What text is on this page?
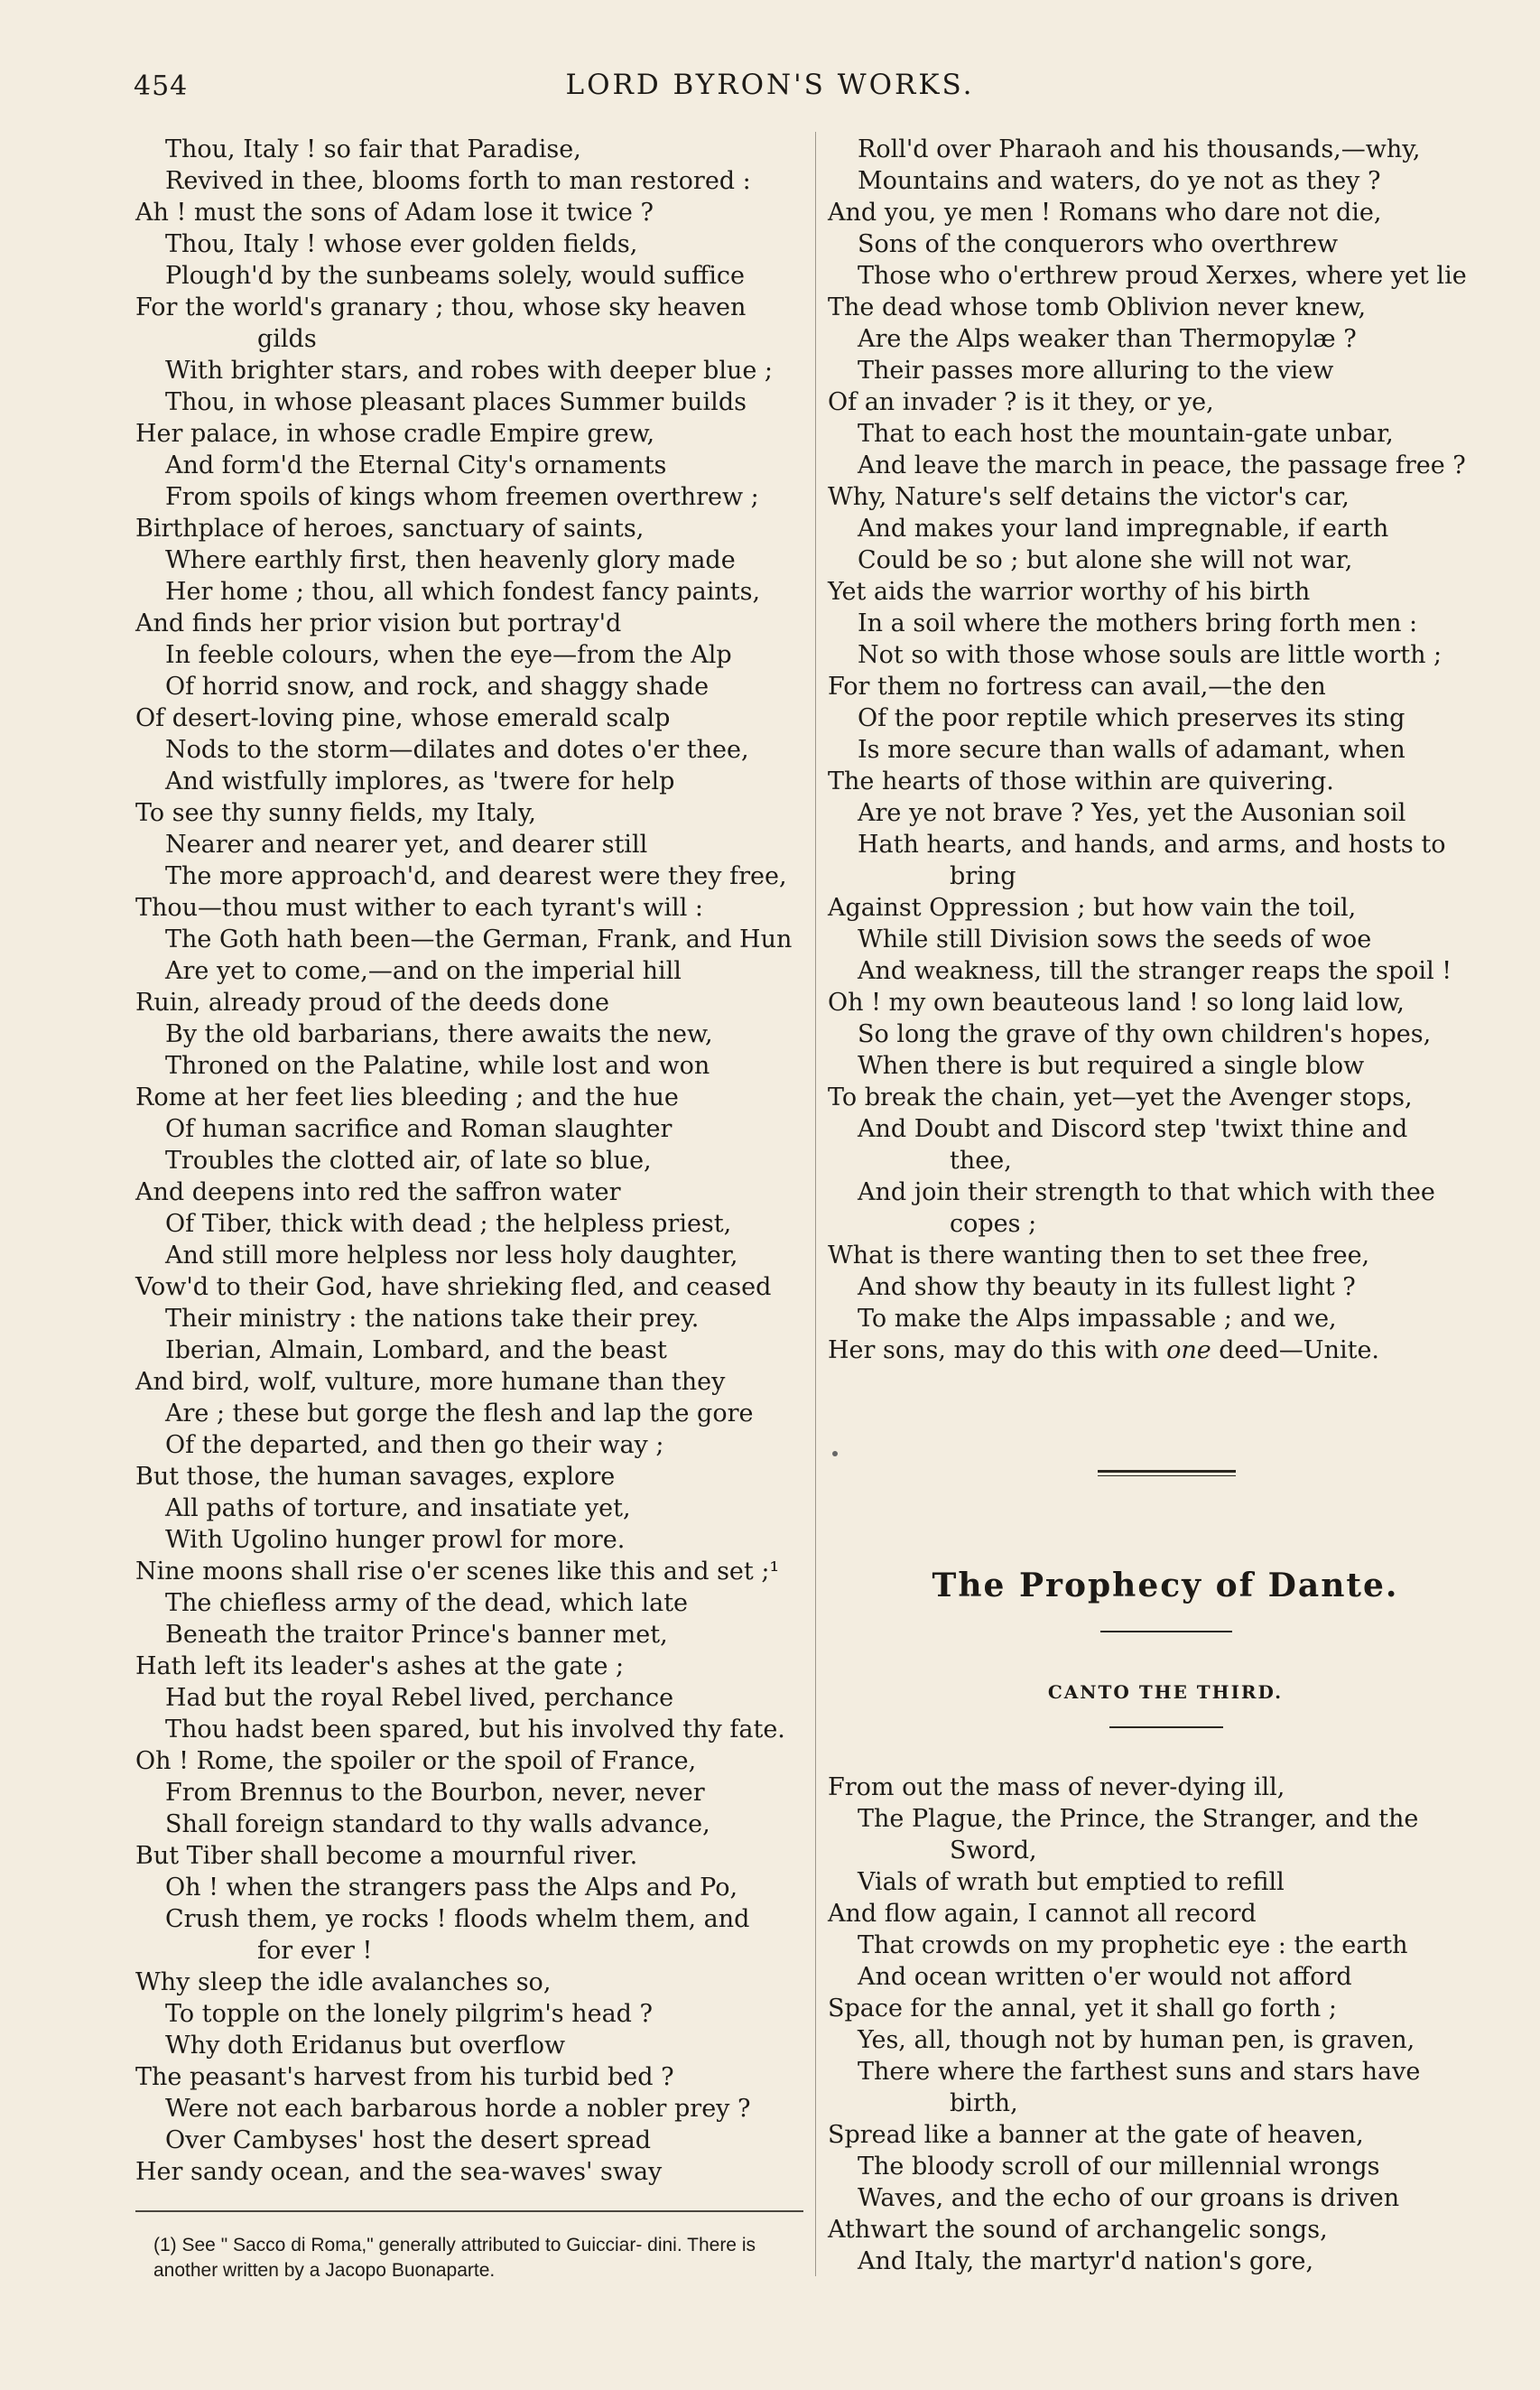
454	LORD BYRON'S WORKS.
Thou, Italy ! so fair that Paradise,
Revived in thee, blooms forth to man restored :
Ah ! must the sons of Adam lose it twice ?
Thou, Italy ! whose ever golden fields,
Plough'd by the sunbeams solely, would suffice
For the world's granary ; thou, whose sky heaven
gilds
With brighter stars, and robes with deeper blue ;
Thou, in whose pleasant places Summer builds
Her palace, in whose cradle Empire grew,
And form'd the Eternal City's ornaments
From spoils of kings whom freemen overthrew ;
Birthplace of heroes, sanctuary of saints,
Where earthly first, then heavenly glory made
Her home ; thou, all which fondest fancy paints,
And finds her prior vision but portray'd
In feeble colours, when the eye—from the Alp
Of horrid snow, and rock, and shaggy shade
Of desert-loving pine, whose emerald scalp
Nods to the storm—dilates and dotes o'er thee,
And wistfully implores, as 'twere for help
To see thy sunny fields, my Italy,
Nearer and nearer yet, and dearer still
The more approach'd, and dearest were they free,
Thou—thou must wither to each tyrant's will :
The Goth hath been—the German, Frank, and Hun
Are yet to come,—and on the imperial hill
Ruin, already proud of the deeds done
By the old barbarians, there awaits the new,
Throned on the Palatine, while lost and won
Rome at her feet lies bleeding ; and the hue
Of human sacrifice and Roman slaughter
Troubles the clotted air, of late so blue,
And deepens into red the saffron water
Of Tiber, thick with dead ; the helpless priest,
And still more helpless nor less holy daughter,
Vow'd to their God, have shrieking fled, and ceased
Their ministry : the nations take their prey.
Iberian, Almain, Lombard, and the beast
And bird, wolf, vulture, more humane than they
Are ; these but gorge the flesh and lap the gore
Of the departed, and then go their way ;
But those, the human savages, explore
All paths of torture, and insatiate yet,
With Ugolino hunger prowl for more.
Nine moons shall rise o'er scenes like this and set ;¹
The chiefless army of the dead, which late
Beneath the traitor Prince's banner met,
Hath left its leader's ashes at the gate ;
Had but the royal Rebel lived, perchance
Thou hadst been spared, but his involved thy fate.
Oh ! Rome, the spoiler or the spoil of France,
From Brennus to the Bourbon, never, never
Shall foreign standard to thy walls advance,
But Tiber shall become a mournful river.
Oh ! when the strangers pass the Alps and Po,
Crush them, ye rocks ! floods whelm them, and
for ever !
Why sleep the idle avalanches so,
To topple on the lonely pilgrim's head ?
Why doth Eridanus but overflow
The peasant's harvest from his turbid bed ?
Were not each barbarous horde a nobler prey ?
Over Cambyses' host the desert spread
Her sandy ocean, and the sea-waves' sway
Roll'd over Pharaoh and his thousands,—why,
Mountains and waters, do ye not as they ?
And you, ye men ! Romans who dare not die,
Sons of the conquerors who overthrew
Those who o'erthrew proud Xerxes, where yet lie
The dead whose tomb Oblivion never knew,
Are the Alps weaker than Thermopylæ ?
Their passes more alluring to the view
Of an invader ? is it they, or ye,
That to each host the mountain-gate unbar,
And leave the march in peace, the passage free ?
Why, Nature's self detains the victor's car,
And makes your land impregnable, if earth
Could be so ; but alone she will not war,
Yet aids the warrior worthy of his birth
In a soil where the mothers bring forth men :
Not so with those whose souls are little worth ;
For them no fortress can avail,—the den
Of the poor reptile which preserves its sting
Is more secure than walls of adamant, when
The hearts of those within are quivering.
Are ye not brave ? Yes, yet the Ausonian soil
Hath hearts, and hands, and arms, and hosts to
bring
Against Oppression ; but how vain the toil,
While still Division sows the seeds of woe
And weakness, till the stranger reaps the spoil !
Oh ! my own beauteous land ! so long laid low,
So long the grave of thy own children's hopes,
When there is but required a single blow
To break the chain, yet—yet the Avenger stops,
And Doubt and Discord step 'twixt thine and
thee,
And join their strength to that which with thee
copes ;
What is there wanting then to set thee free,
And show thy beauty in its fullest light ?
To make the Alps impassable ; and we,
Her sons, may do this with one deed—Unite.
The Prophecy of Dante.
CANTO THE THIRD.
From out the mass of never-dying ill,
The Plague, the Prince, the Stranger, and the
Sword,
Vials of wrath but emptied to refill
And flow again, I cannot all record
That crowds on my prophetic eye : the earth
And ocean written o'er would not afford
Space for the annal, yet it shall go forth ;
Yes, all, though not by human pen, is graven,
There where the farthest suns and stars have
birth,
Spread like a banner at the gate of heaven,
The bloody scroll of our millennial wrongs
Waves, and the echo of our groans is driven
Athwart the sound of archangelic songs,
And Italy, the martyr'd nation's gore,
(1) See " Sacco di Roma," generally attributed to Guicciar- dini. There is another written by a Jacopo Buonaparte.
